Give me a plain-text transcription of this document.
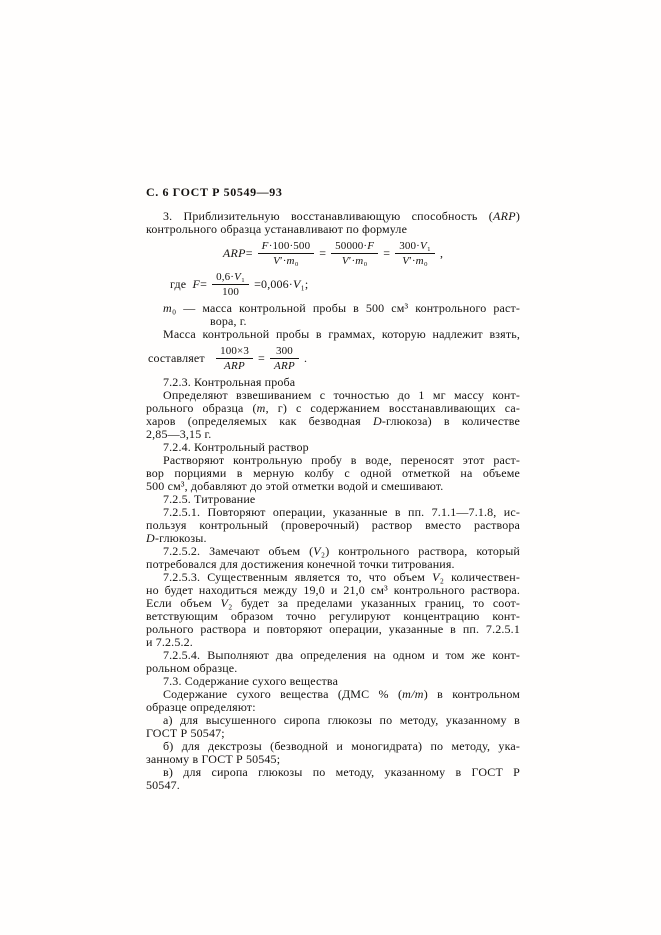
С. 6 ГОСТ Р 50549—93
3. Приблизительную восстанавливающую способность (ARP)
контрольного образца устанавливают по формуле
$ARP= \frac{F\cdot 100\cdot 500}{\text{V′·m₀}} = \frac{50000\cdot F}{\text{V′·m₀}} = \frac{\text{300·V₁}}{\text{V′·m₀}}$ ,
где  $F= \frac{\text{0,6·V₁}}{100} =0,006\cdot V_1$;
m₀ — масса контрольной пробы в 500 см³ контрольного раст-
вора, г.
Масса контрольной пробы в граммах, которую надлежит взять,
составляет $\frac{100\times 3}{\text{ARP}} = \frac{300}{\text{ARP}}$ .
7.2.3. Контрольная проба
Определяют взвешиванием с точностью до 1 мг массу конт-
рольного образца (m, г) с содержанием восстанавливающих са-
харов (определяемых как безводная D-глюкоза) в количестве
2,85—3,15 г.
7.2.4. Контрольный раствор
Растворяют контрольную пробу в воде, переносят этот раст-
вор порциями в мерную колбу с одной отметкой на объеме
500 см³, добавляют до этой отметки водой и смешивают.
7.2.5. Титрование
7.2.5.1. Повторяют операции, указанные в пп. 7.1.1—7.1.8, ис-
пользуя контрольный (проверочный) раствор вместо раствора
D-глюкозы.
7.2.5.2. Замечают объем (V₂) контрольного раствора, который
потребовался для достижения конечной точки титрования.
7.2.5.3. Существенным является то, что объем V₂ количествен-
но будет находиться между 19,0 и 21,0 см³ контрольного раствора.
Если объем V₂ будет за пределами указанных границ, то соот-
ветствующим образом точно регулируют концентрацию конт-
рольного раствора и повторяют операции, указанные в пп. 7.2.5.1
и 7.2.5.2.
7.2.5.4. Выполняют два определения на одном и том же конт-
рольном образце.
7.3. Содержание сухого вещества
Содержание сухого вещества (ДМС % (m/m) в контрольном
образце определяют:
а) для высушенного сиропа глюкозы по методу, указанному в
ГОСТ Р 50547;
б) для декстрозы (безводной и моногидрата) по методу, ука-
занному в ГОСТ Р 50545;
в) для сиропа глюкозы по методу, указанному в ГОСТ Р
50547.
